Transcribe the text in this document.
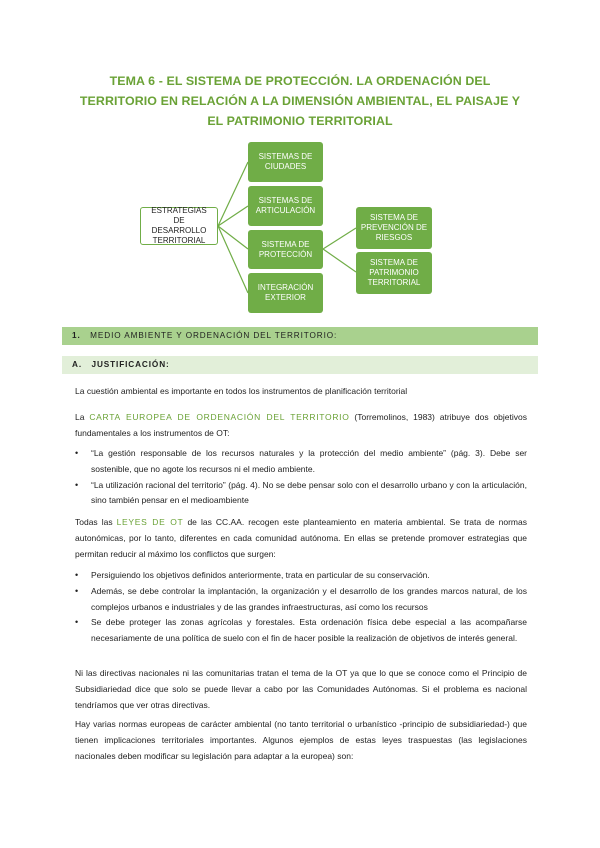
TEMA 6 - EL SISTEMA DE PROTECCIÓN. LA ORDENACIÓN DEL
TERRITORIO EN RELACIÓN A LA DIMENSIÓN AMBIENTAL, EL PAISAJE Y
EL PATRIMONIO TERRITORIAL
ESTRATEGIAS DE DESARROLLO TERRITORIAL
SISTEMAS DE CIUDADES
SISTEMAS DE ARTICULACIÓN
SISTEMA DE PROTECCIÓN
INTEGRACIÓN EXTERIOR
SISTEMA DE PREVENCIÓN DE RIESGOS
SISTEMA DE PATRIMONIO TERRITORIAL
1. MEDIO AMBIENTE Y ORDENACIÓN DEL TERRITORIO:
A. JUSTIFICACIÓN:

La cuestión ambiental es importante en todos los instrumentos de planificación territorial

La CARTA EUROPEA DE ORDENACIÓN DEL TERRITORIO (Torremolinos, 1983) atribuye dos objetivos fundamentales a los instrumentos de OT:

• “La gestión responsable de los recursos naturales y la protección del medio ambiente” (pág. 3). Debe ser sostenible, que no agote los recursos ni el medio ambiente.
• “La utilización racional del territorio” (pág. 4). No se debe pensar solo con el desarrollo urbano y con la articulación, sino también pensar en el medioambiente

Todas las LEYES DE OT de las CC.AA. recogen este planteamiento en materia ambiental. Se trata de normas autonómicas, por lo tanto, diferentes en cada comunidad autónoma. En ellas se pretende promover estrategias que permitan reducir al máximo los conflictos que surgen:

• Persiguiendo los objetivos definidos anteriormente, trata en particular de su conservación.
• Además, se debe controlar la implantación, la organización y el desarrollo de los grandes marcos natural, de los complejos urbanos e industriales y de las grandes infraestructuras, así como los recursos
• Se debe proteger las zonas agrícolas y forestales. Esta ordenación física debe especial a las acompañarse necesariamente de una política de suelo con el fin de hacer posible la realización de objetivos de interés general.

Ni las directivas nacionales ni las comunitarias tratan el tema de la OT ya que lo que se conoce como el Principio de Subsidiariedad dice que solo se puede llevar a cabo por las Comunidades Autónomas. Si el problema es nacional tendríamos que ver otras directivas.

Hay varias normas europeas de carácter ambiental (no tanto territorial o urbanístico -principio de subsidiariedad-) que tienen implicaciones territoriales importantes. Algunos ejemplos de estas leyes traspuestas (las legislaciones nacionales deben modificar su legislación para adaptar a la europea) son:
